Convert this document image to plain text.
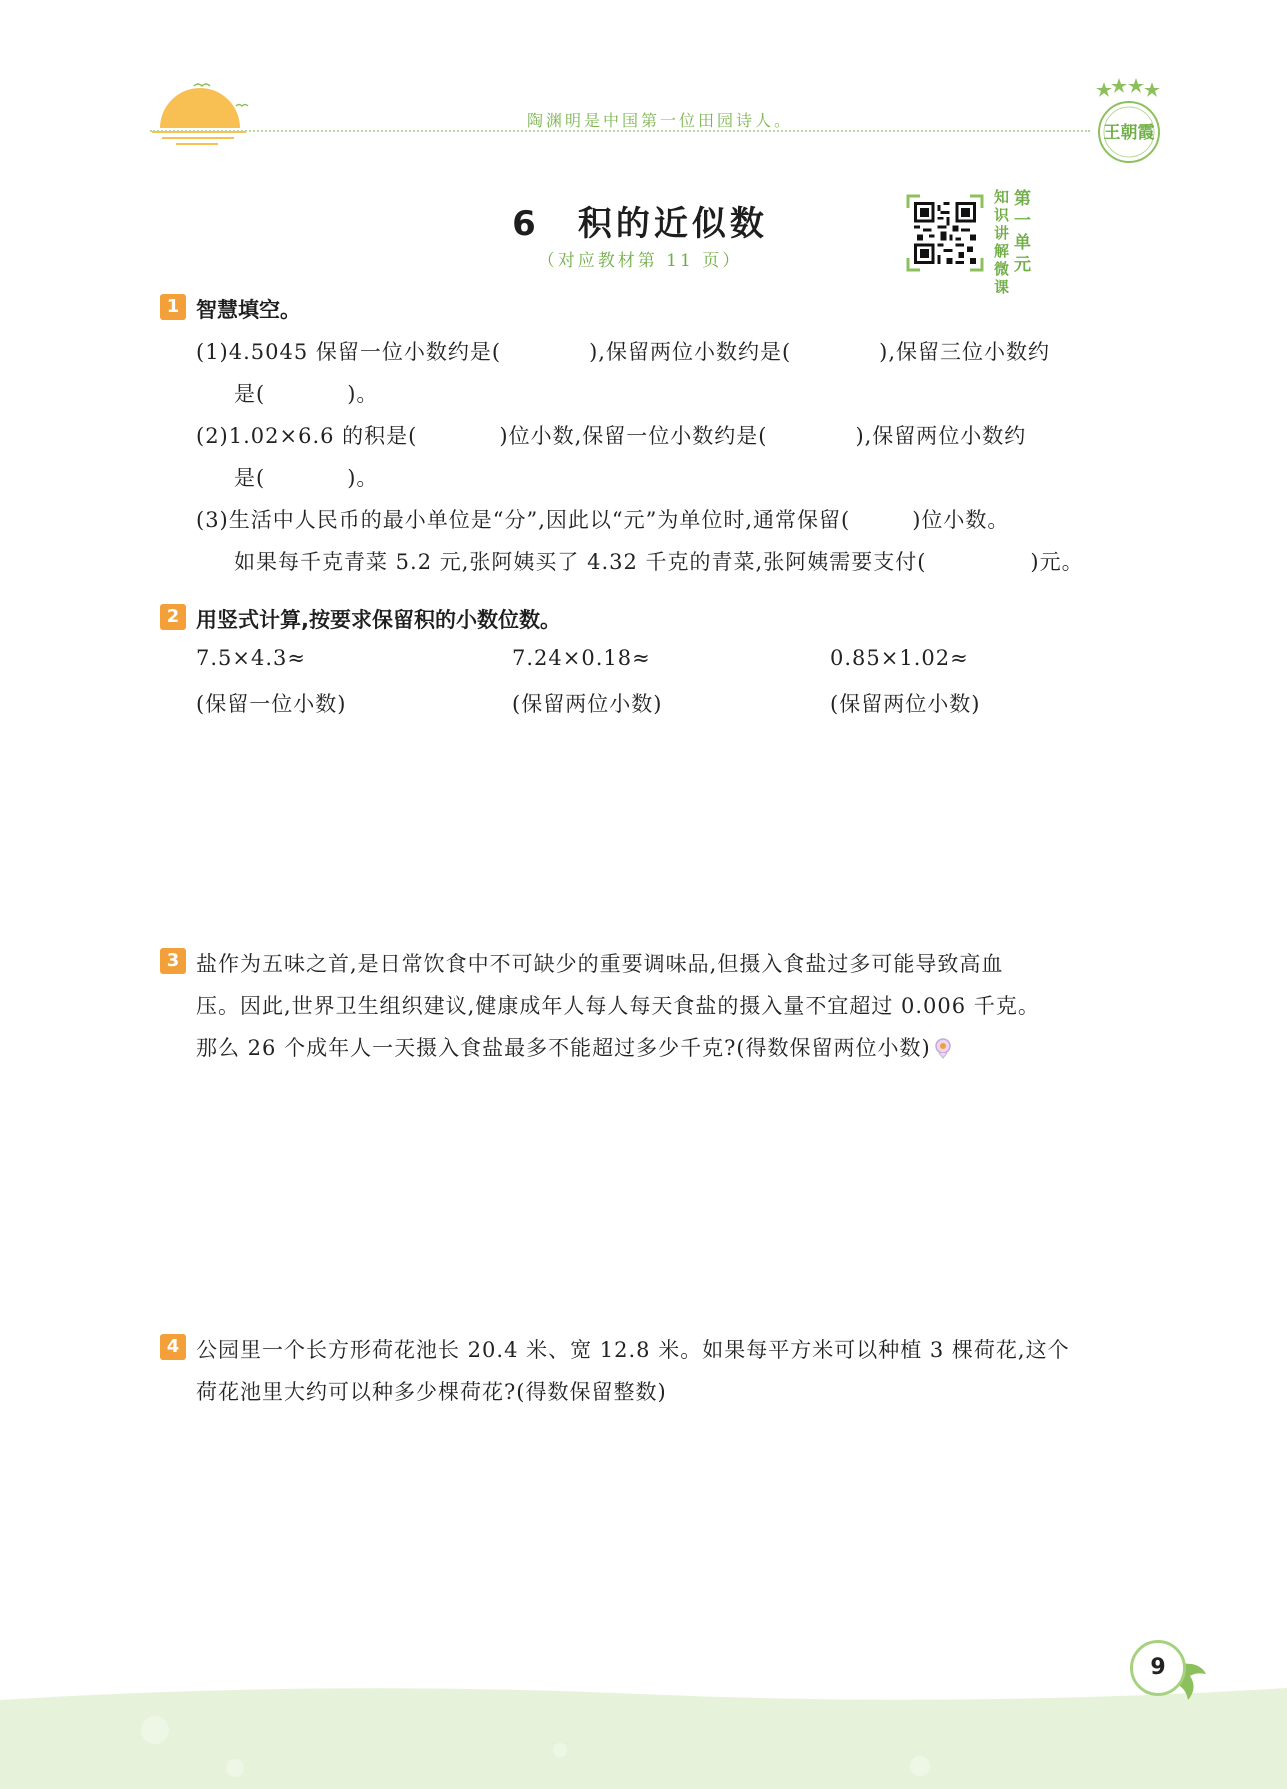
陶渊明是中国第一位田园诗人。
王朝霞
6　积的近似数
（对应教材第 11 页）
知识讲解微课
第一单元
1 智慧填空。
(1)4.5045 保留一位小数约是(	),保留两位小数约是(	),保留三位小数约
是(	)。
(2)1.02×6.6 的积是(	)位小数,保留一位小数约是(	),保留两位小数约
是(	)。
(3)生活中人民币的最小单位是“分”,因此以“元”为单位时,通常保留(	)位小数。
如果每千克青菜 5.2 元,张阿姨买了 4.32 千克的青菜,张阿姨需要支付(	)元。
2 用竖式计算,按要求保留积的小数位数。
7.5×4.3≈
(保留一位小数)
7.24×0.18≈
(保留两位小数)
0.85×1.02≈
(保留两位小数)
3 盐作为五味之首,是日常饮食中不可缺少的重要调味品,但摄入食盐过多可能导致高血
压。因此,世界卫生组织建议,健康成年人每人每天食盐的摄入量不宜超过 0.006 千克。
那么 26 个成年人一天摄入食盐最多不能超过多少千克?(得数保留两位小数)
4 公园里一个长方形荷花池长 20.4 米、宽 12.8 米。如果每平方米可以种植 3 棵荷花,这个
荷花池里大约可以种多少棵荷花?(得数保留整数)
9
